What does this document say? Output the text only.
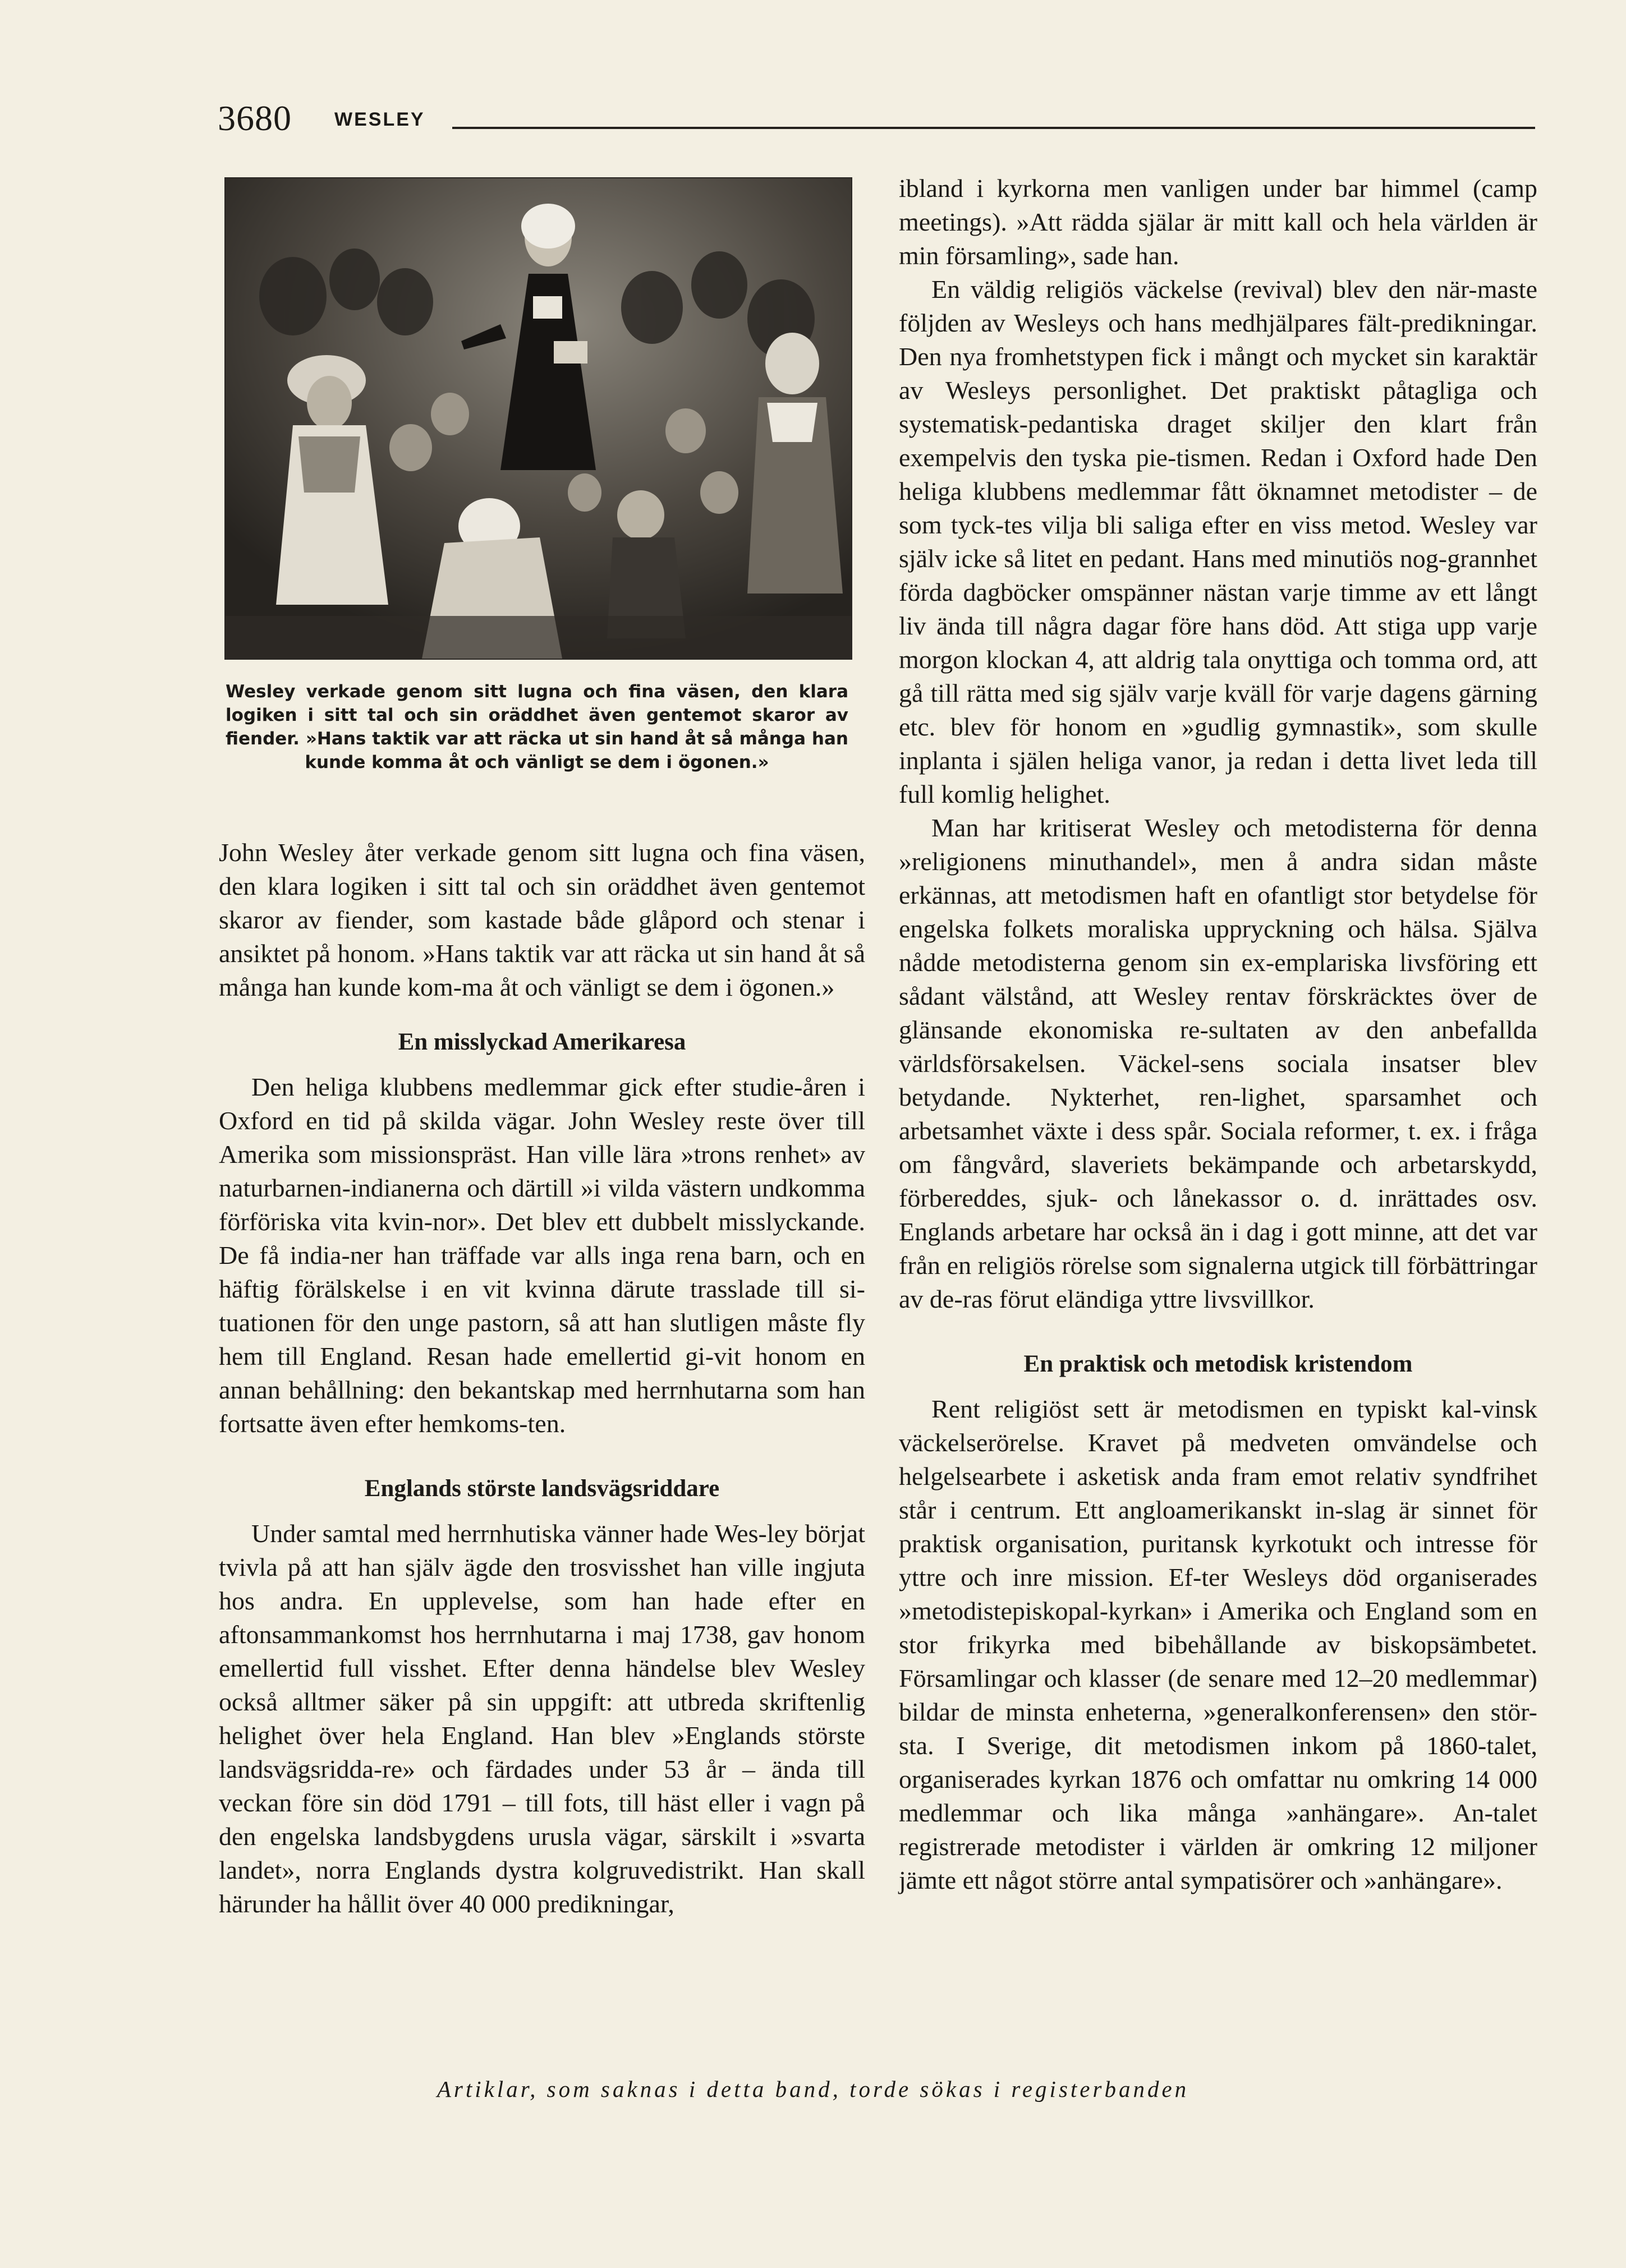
3680 WESLEY
Wesley verkade genom sitt lugna och fina väsen, den klara logiken i sitt tal och sin oräddhet även gentemot skaror av fiender. »Hans taktik var att räcka ut sin hand åt så många han kunde komma åt och vänligt se dem i ögonen.»

John Wesley åter verkade genom sitt lugna och fina väsen, den klara logiken i sitt tal och sin oräddhet även gentemot skaror av fiender, som kastade både glåpord och stenar i ansiktet på honom. »Hans taktik var att räcka ut sin hand åt så många han kunde kom-ma åt och vänligt se dem i ögonen.»

En misslyckad Amerikaresa

Den heliga klubbens medlemmar gick efter studie-åren i Oxford en tid på skilda vägar. John Wesley reste över till Amerika som missionspräst. Han ville lära »trons renhet» av naturbarnen-indianerna och därtill »i vilda västern undkomma förföriska vita kvin-nor». Det blev ett dubbelt misslyckande. De få india-ner han träffade var alls inga rena barn, och en häftig förälskelse i en vit kvinna därute trasslade till si-tuationen för den unge pastorn, så att han slutligen måste fly hem till England. Resan hade emellertid gi-vit honom en annan behållning: den bekantskap med herrnhutarna som han fortsatte även efter hemkoms-ten.

Englands störste landsvägsriddare

Under samtal med herrnhutiska vänner hade Wes-ley börjat tvivla på att han själv ägde den trosvisshet han ville ingjuta hos andra. En upplevelse, som han hade efter en aftonsammankomst hos herrnhutarna i maj 1738, gav honom emellertid full visshet. Efter denna händelse blev Wesley också alltmer säker på sin uppgift: att utbreda skriftenlig helighet över hela England. Han blev »Englands störste landsvägsridda-re» och färdades under 53 år – ända till veckan före sin död 1791 – till fots, till häst eller i vagn på den engelska landsbygdens urusla vägar, särskilt i »svarta landet», norra Englands dystra kolgruvedistrikt. Han skall härunder ha hållit över 40 000 predikningar,

ibland i kyrkorna men vanligen under bar himmel (camp meetings). »Att rädda själar är mitt kall och hela världen är min församling», sade han.

En väldig religiös väckelse (revival) blev den när-maste följden av Wesleys och hans medhjälpares fält-predikningar. Den nya fromhetstypen fick i mångt och mycket sin karaktär av Wesleys personlighet. Det praktiskt påtagliga och systematisk-pedantiska draget skiljer den klart från exempelvis den tyska pie-tismen. Redan i Oxford hade Den heliga klubbens medlemmar fått öknamnet metodister – de som tyck-tes vilja bli saliga efter en viss metod. Wesley var själv icke så litet en pedant. Hans med minutiös nog-grannhet förda dagböcker omspänner nästan varje timme av ett långt liv ända till några dagar före hans död. Att stiga upp varje morgon klockan 4, att aldrig tala onyttiga och tomma ord, att gå till rätta med sig själv varje kväll för varje dagens gärning etc. blev för honom en »gudlig gymnastik», som skulle inplanta i själen heliga vanor, ja redan i detta livet leda till full komlig helighet.

Man har kritiserat Wesley och metodisterna för denna »religionens minuthandel», men å andra sidan måste erkännas, att metodismen haft en ofantligt stor betydelse för engelska folkets moraliska uppryckning och hälsa. Själva nådde metodisterna genom sin ex-emplariska livsföring ett sådant välstånd, att Wesley rentav förskräcktes över de glänsande ekonomiska re-sultaten av den anbefallda världsförsakelsen. Väckel-sens sociala insatser blev betydande. Nykterhet, ren-lighet, sparsamhet och arbetsamhet växte i dess spår. Sociala reformer, t. ex. i fråga om fångvård, slaveriets bekämpande och arbetarskydd, förbereddes, sjuk- och lånekassor o. d. inrättades osv. Englands arbetare har också än i dag i gott minne, att det var från en religiös rörelse som signalerna utgick till förbättringar av de-ras förut eländiga yttre livsvillkor.

En praktisk och metodisk kristendom

Rent religiöst sett är metodismen en typiskt kal-vinsk väckelserörelse. Kravet på medveten omvändelse och helgelsearbete i asketisk anda fram emot relativ syndfrihet står i centrum. Ett angloamerikanskt in-slag är sinnet för praktisk organisation, puritansk kyrkotukt och intresse för yttre och inre mission. Ef-ter Wesleys död organiserades »metodistepiskopal-kyrkan» i Amerika och England som en stor frikyrka med bibehållande av biskopsämbetet. Församlingar och klasser (de senare med 12–20 medlemmar) bildar de minsta enheterna, »generalkonferensen» den stör-sta. I Sverige, dit metodismen inkom på 1860-talet, organiserades kyrkan 1876 och omfattar nu omkring 14 000 medlemmar och lika många »anhängare». An-talet registrerade metodister i världen är omkring 12 miljoner jämte ett något större antal sympatisörer och »anhängare».

Artiklar, som saknas i detta band, torde sökas i registerbanden
